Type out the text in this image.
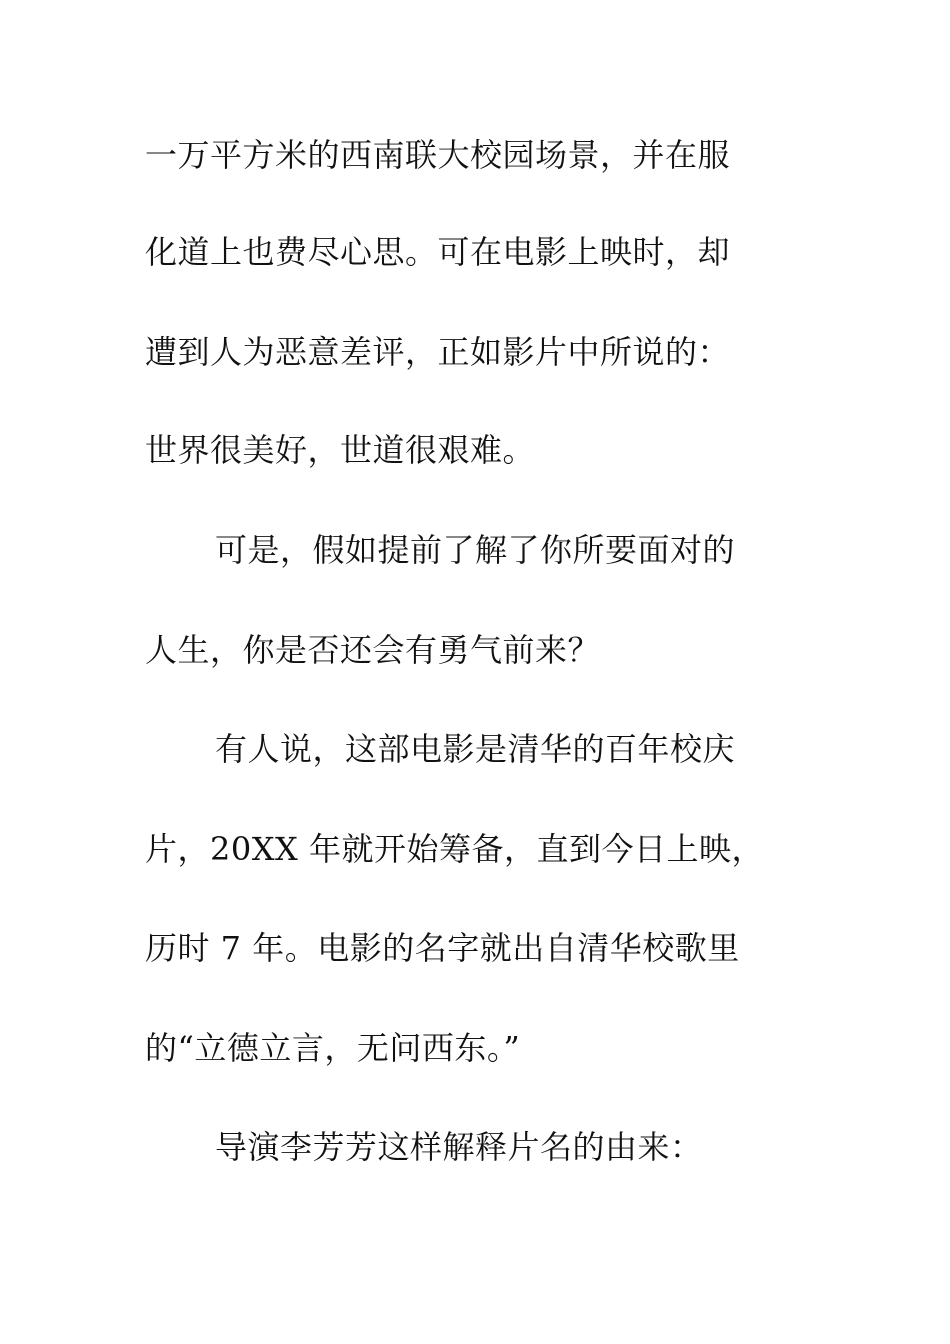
一万平方米的西南联大校园场景，并在服
化道上也费尽心思。可在电影上映时，却
遭到人为恶意差评，正如影片中所说的：
世界很美好，世道很艰难。
可是，假如提前了解了你所要面对的
人生，你是否还会有勇气前来？
有人说，这部电影是清华的百年校庆
片，20XX 年就开始筹备，直到今日上映，
历时 7 年。电影的名字就出自清华校歌里
的“立德立言，无问西东。”
导演李芳芳这样解释片名的由来：
